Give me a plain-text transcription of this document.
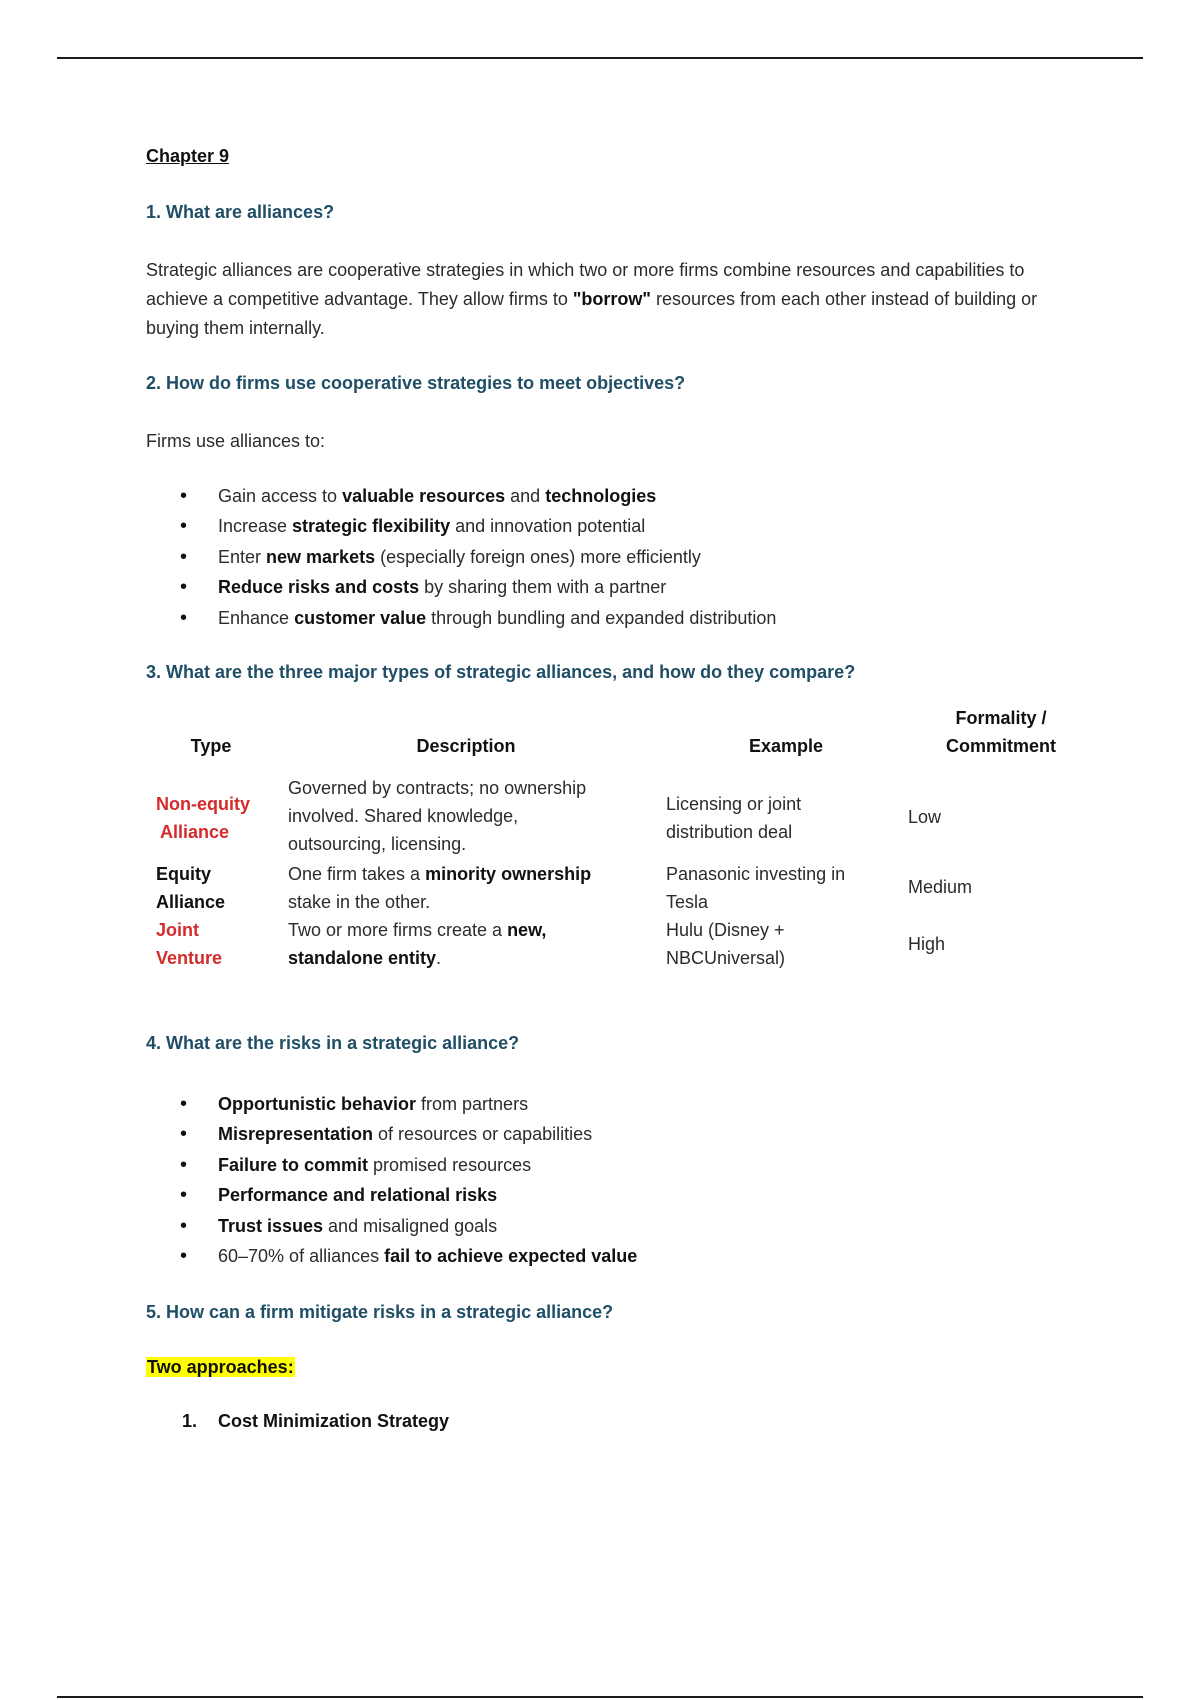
Chapter 9
1. What are alliances?
Strategic alliances are cooperative strategies in which two or more firms combine resources and capabilities to achieve a competitive advantage. They allow firms to "borrow" resources from each other instead of building or buying them internally.
2. How do firms use cooperative strategies to meet objectives?
Firms use alliances to:
• Gain access to valuable resources and technologies
• Increase strategic flexibility and innovation potential
• Enter new markets (especially foreign ones) more efficiently
• Reduce risks and costs by sharing them with a partner
• Enhance customer value through bundling and expanded distribution
3. What are the three major types of strategic alliances, and how do they compare?
Type	Description	Example
Formality /
Commitment
Non-equity
Alliance
Governed by contracts; no ownership
involved. Shared knowledge,
outsourcing, licensing.
Licensing or joint
distribution deal
Low
Equity
Alliance
One firm takes a minority ownership
stake in the other.
Panasonic investing in
Tesla
Medium
Joint
Venture
Two or more firms create a new,
standalone entity.
Hulu (Disney +
NBCUniversal)
High
4. What are the risks in a strategic alliance?
• Opportunistic behavior from partners
• Misrepresentation of resources or capabilities
• Failure to commit promised resources
• Performance and relational risks
• Trust issues and misaligned goals
• 60–70% of alliances fail to achieve expected value
5. How can a firm mitigate risks in a strategic alliance?
Two approaches:
1. Cost Minimization Strategy
